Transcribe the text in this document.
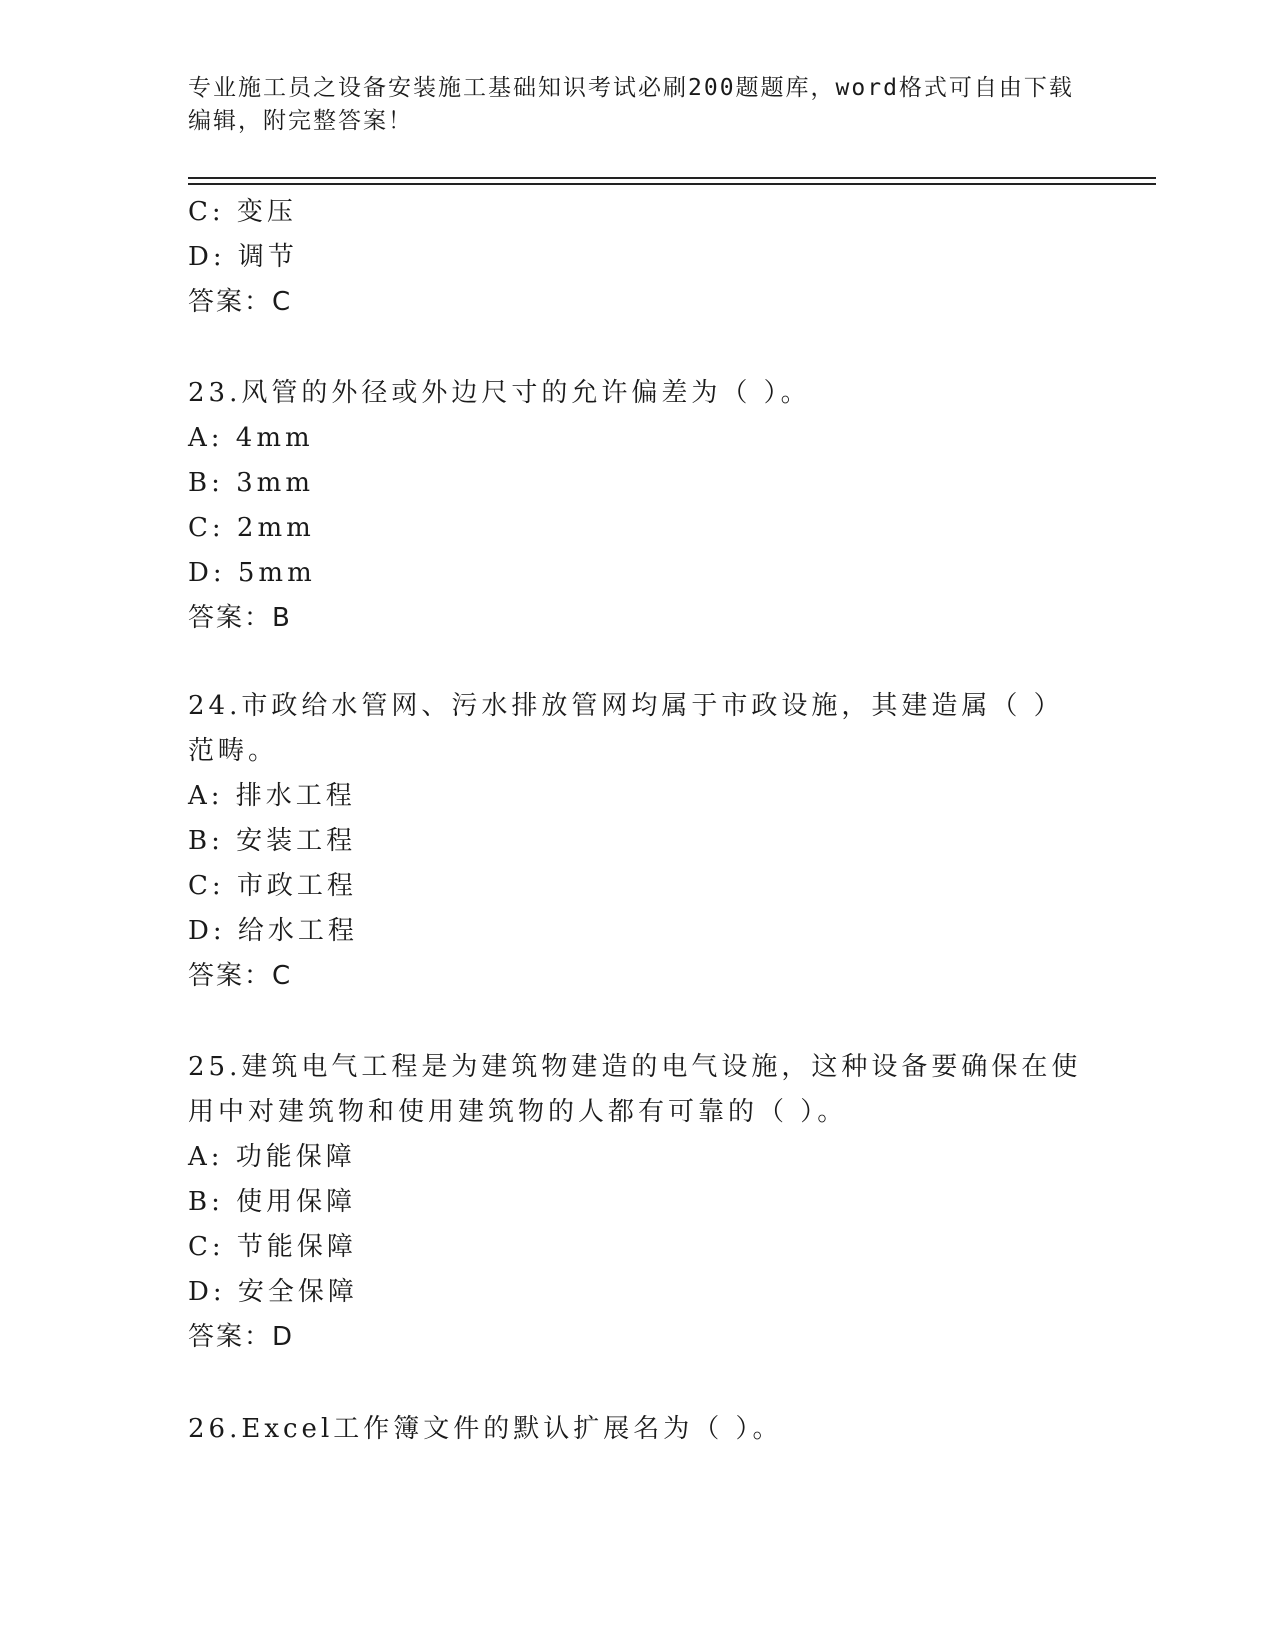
专业施工员之设备安装施工基础知识考试必刷200题题库，word格式可自由下载编辑，附完整答案！
C: 变压
D: 调节
答案：C
23.风管的外径或外边尺寸的允许偏差为（ ）。
A: 4mm
B: 3mm
C: 2mm
D: 5mm
答案：B
24.市政给水管网、污水排放管网均属于市政设施，其建造属（ ）范畴。
A: 排水工程
B: 安装工程
C: 市政工程
D: 给水工程
答案：C
25.建筑电气工程是为建筑物建造的电气设施，这种设备要确保在使用中对建筑物和使用建筑物的人都有可靠的（ ）。
A: 功能保障
B: 使用保障
C: 节能保障
D: 安全保障
答案：D
26.Excel工作簿文件的默认扩展名为（ ）。
